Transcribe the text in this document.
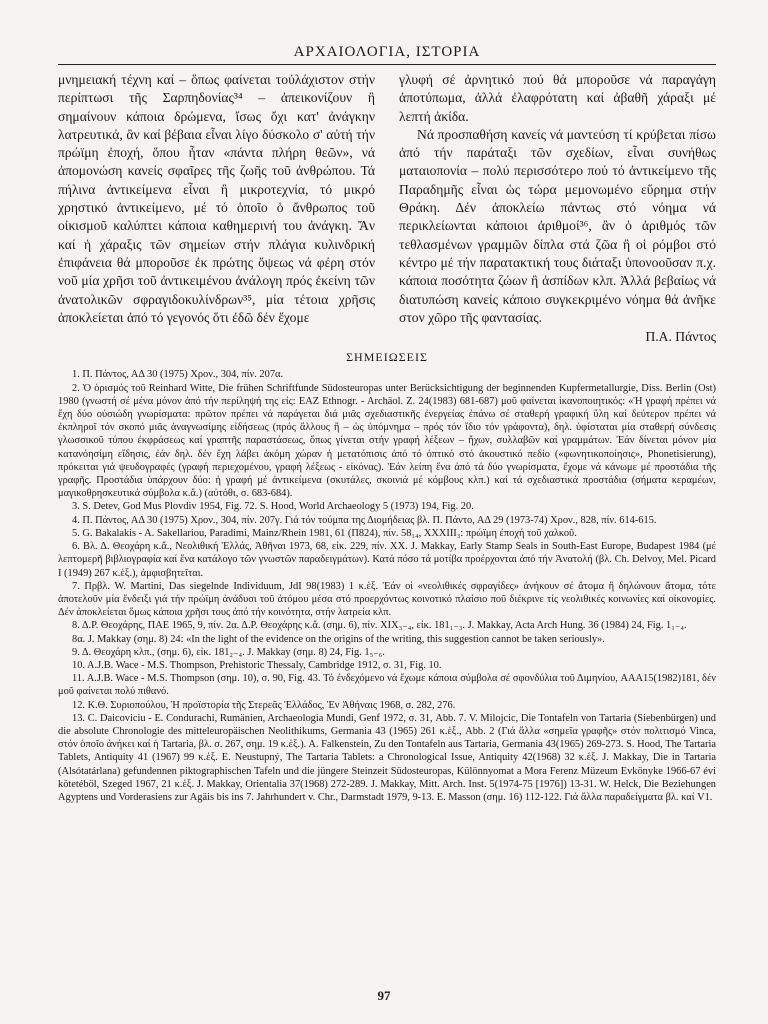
ΑΡΧΑΙΟΛΟΓΙΑ, ΙΣΤΟΡΙΑ

μνημειακή τέχνη καί – ὅπως φαίνεται τοὐλάχιστον στήν περίπτωσι τῆς Σαρπηδονίας³⁴ – ἀπεικονίζουν ἢ σημαίνουν κάποια δρώμενα, ἴσως ὄχι κατ' ἀνάγκην λατρευτικά, ἂν καί βέβαια εἶναι λίγο δύσκολο σ' αὐτή τήν πρώϊμη ἐποχή, ὅπου ἦταν «πάντα πλήρη θεῶν», νά ἀπομονώση κανείς σφαῖρες τῆς ζωῆς τοῦ ἀνθρώπου. Τά πήλινα ἀντικείμενα εἶναι ἢ μικροτεχνία, τό μικρό χρηστικό ἀντικείμενο, μέ τό ὁποῖο ὁ ἄνθρωπος τοῦ οἰκισμοῦ καλύπτει κάποια καθημερινή του ἀνάγκη. Ἄν καί ἡ χάραξις τῶν σημείων στήν πλάγια κυλινδρική ἐπιφάνεια θά μποροῦσε ἐκ πρώτης ὄψεως νά φέρη στόν νοῦ μία χρῆσι τοῦ ἀντικειμένου ἀνάλογη πρός ἐκείνη τῶν ἀνατολικῶν σφραγιδοκυλίνδρων³⁵, μία τέτοια χρῆσις ἀποκλείεται ἀπό τό γεγονός ὅτι ἐδῶ δέν ἔχομε

γλυφή σέ ἀρνητικό πού θά μποροῦσε νά παραγάγη ἀποτύπωμα, ἀλλά ἐλαφρότατη καί ἀβαθῆ χάραξι μέ λεπτή ἀκίδα.

Νά προσπαθήση κανείς νά μαντεύση τί κρύβεται πίσω ἀπό τήν παράταξι τῶν σχεδίων, εἶναι συνήθως ματαιοπονία – πολύ περισσότερο πού τό ἀντικείμενο τῆς Παραδημῆς εἶναι ὡς τώρα μεμονωμένο εὕρημα στήν Θράκη. Δέν ἀποκλείω πάντως στό νόημα νά περικλείωνται κάποιοι ἀριθμοί³⁶, ἂν ὁ ἀριθμός τῶν τεθλασμένων γραμμῶν δίπλα στά ζῶα ἢ οἱ ρόμβοι στό κέντρο μέ τήν παρατακτική τους διάταξι ὑπονοοῦσαν π.χ. κάποια ποσότητα ζώων ἢ ἀσπίδων κλπ. Ἀλλά βεβαίως νά διατυπώση κανείς κάποιο συγκεκριμένο νόημα θά ἀνῆκε στον χῶρο τῆς φαντασίας.

Π.Α. Πάντος
ΣΗΜΕΙΩΣΕΙΣ
1. Π. Πάντος, ΑΔ 30 (1975) Χρον., 304, πίν. 207α.
2. Ὁ ὁρισμός τοῦ Reinhard Witte, Die frühen Schriftfunde Südosteuropas unter Berücksichtigung der beginnenden Kupfermetallurgie, Diss. Berlin (Ost) 1980 (γνωστή σέ μένα μόνον ἀπό τήν περίληψή της εἰς: EAZ Ethnogr. - Archäol. Z. 24(1983) 681-687) μοῦ φαίνεται ἱκανοποιητικός: «Ἡ γραφή πρέπει νά ἔχη δύο οὐσιώδη γνωρίσματα: πρῶτον πρέπει νά παράγεται διά μιᾶς σχεδιαστικῆς ἐνεργείας ἐπάνω σέ σταθερή γραφική ὕλη καί δεύτερον πρέπει νά ἐκπληροῖ τόν σκοπό μιᾶς ἀναγνωσίμης εἰδήσεως (πρός ἄλλους ἢ – ὡς ὑπόμνημα – πρός τόν ἴδιο τόν γράφοντα), δηλ. ὑφίσταται μία σταθερή σύνδεσις γλωσσικοῦ τύπου ἐκφράσεως καί γραπτῆς παραστάσεως, ὅπως γίνεται στήν γραφή λέξεων – ἤχων, συλλαβῶν καί γραμμάτων. Ἐάν δίνεται μόνον μία κατανόησίμη εἴδησις, ἐάν δηλ. δέν ἔχη λάβει ἀκόμη χώραν ἡ μετατόπισις ἀπό τό ὀπτικό στό ἀκουστικό πεδίο («φωνητικοποίησις», Phonetisierung), πρόκειται γιά ψευδογραφές (γραφή περιεχομένου, γραφή λέξεως - εἰκόνας). Ἐάν λείπη ἕνα ἀπό τά δύο γνωρίσματα, ἔχομε νά κάνωμε μέ προστάδια τῆς γραφῆς. Προστάδια ὑπάρχουν δύο: ἡ γραφή μέ ἀντικείμενα (σκυτάλες, σκοινιά μέ κόμβους κλπ.) καί τά σχεδιαστικά προστάδια (σήματα κεραμέων, μαγικοθρησκευτικά σύμβολα κ.ἄ.) (αὐτόθι, σ. 683-684).
3. S. Detev, God Mus Plovdiv 1954, Fig. 72. S. Hood, World Archaeology 5 (1973) 194, Fig. 20.
4. Π. Πάντος, ΑΔ 30 (1975) Χρον., 304, πίν. 207γ. Γιά τόν τούμπα της Διομήδειας βλ. Π. Πάντο, ΑΔ 29 (1973-74) Χρον., 828, πίν. 614-615.
5. G. Bakalakis - A. Sakellariou, Paradimi, Mainz/Rhein 1981, 61 (Π824), πίν. 58₁₄, XXXIII₃: πρώϊμη ἐποχή τοῦ χαλκοῦ.
6. Βλ. Δ. Θεοχάρη κ.ἄ., Νεολιθική Ἑλλάς, Ἀθῆναι 1973, 68, εἰκ. 229, πίν. XX. J. Makkay, Early Stamp Seals in South-East Europe, Budapest 1984 (μέ λεπτομερῆ βιβλιογραφία καί ἕνα κατάλογο τῶν γνωστῶν παραδειγμάτων). Κατά πόσο τά μοτίβα προέρχονται ἀπό τήν Ἀνατολή (βλ. Ch. Delvoy, Mel. Picard I (1949) 267 κ.ἑξ.), ἀμφισβητεῖται.
7. Πρβλ. W. Martini, Das siegelnde Individuum, JdI 98(1983) 1 κ.ἑξ. Ἐάν οἱ «νεολιθικές σφραγίδες» ἀνήκουν σέ ἄτομα ἢ δηλώνουν ἄτομα, τότε ἀποτελοῦν μία ἔνδειξι γιά τήν πρώϊμη ἀνάδυσι τοῦ ἀτόμου μέσα στό προερχόντως κοινοτικό πλαίσιο ποῦ διέκρινε τίς νεολιθικές κοινωνίες καί οἰκονομίες. Δέν ἀποκλείεται ὅμως κάποια χρῆσι τους ἀπό τήν κοινότητα, στήν λατρεία κλπ.
8. Δ.Ρ. Θεοχάρης, ΠΑΕ 1965, 9, πίν. 2α. Δ.Ρ. Θεοχάρης κ.ἄ. (σημ. 6), πίν. XIX₃₋₄, εἰκ. 181₁₋₃. J. Makkay, Acta Arch Hung. 36 (1984) 24, Fig. 1₁₋₄.
8α. J. Makkay (σημ. 8) 24: «In the light of the evidence on the origins of the writing, this suggestion cannot be taken seriously».
9. Δ. Θεοχάρη κλπ., (σημ. 6), εἰκ. 181₂₋₄. J. Makkay (σημ. 8) 24, Fig. 1₅₋₆.
10. A.J.B. Wace - M.S. Thompson, Prehistoric Thessaly, Cambridge 1912, σ. 31, Fig. 10.
11. A.J.B. Wace - M.S. Thompson (σημ. 10), σ. 90, Fig. 43. Τό ἐνδεχόμενο νά ἔχωμε κάποια σύμβολα σέ σφονδύλια τοῦ Διμηνίου, AAA15(1982)181, δέν μοῦ φαίνεται πολύ πιθανό.
12. Κ.Θ. Συριοπούλου, Ἡ προϊστορία τῆς Στερεᾶς Ἑλλάδος, Ἐν Ἀθήναις 1968, σ. 282, 276.
13. C. Daicoviciu - E. Condurachi, Rumänien, Archaeologia Mundi, Genf 1972, σ. 31, Abb. 7. V. Milojcic, Die Tontafeln von Tartaria (Siebenbürgen) und die absolute Chronologie des mitteleuropäischen Neolithikums, Germania 43 (1965) 261 κ.ἑξ., Abb. 2 (Γιά ἄλλα «σημεῖα γραφῆς» στόν πολιτισμό Vinca, στόν ὁποῖο ἀνήκει καί ἡ Tartaria, βλ. σ. 267, σημ. 19 κ.ἑξ.). A. Falkenstein, Zu den Tontafeln aus Tartaria, Germania 43(1965) 269-273. S. Hood, The Tartaria Tablets, Antiquity 41 (1967) 99 κ.ἑξ. E. Neustupný, The Tartaria Tablets: a Chronological Issue, Antiquity 42(1968) 32 κ.ἑξ. J. Makkay, Die in Tartaria (Alsótatárlana) gefundennen piktographischen Tafeln und die jüngere Steinzeit Südosteuropas, Különnyomat a Mora Ferenz Müzeum Evkönyke 1966-67 évi kötetéböl, Szeged 1967, 21 κ.ἑξ. J. Makkay, Orientalia 37(1968) 272-289. J. Makkay, Mitt. Arch. Inst. 5(1974-75 [1976]) 13-31. W. Helck, Die Beziehungen Agyptens und Vorderasiens zur Agäis bis ins 7. Jahrhundert v. Chr., Darmstadt 1979, 9-13. E. Masson (σημ. 16) 112-122. Γιά ἄλλα παραδείγματα βλ. καί V1.
97
